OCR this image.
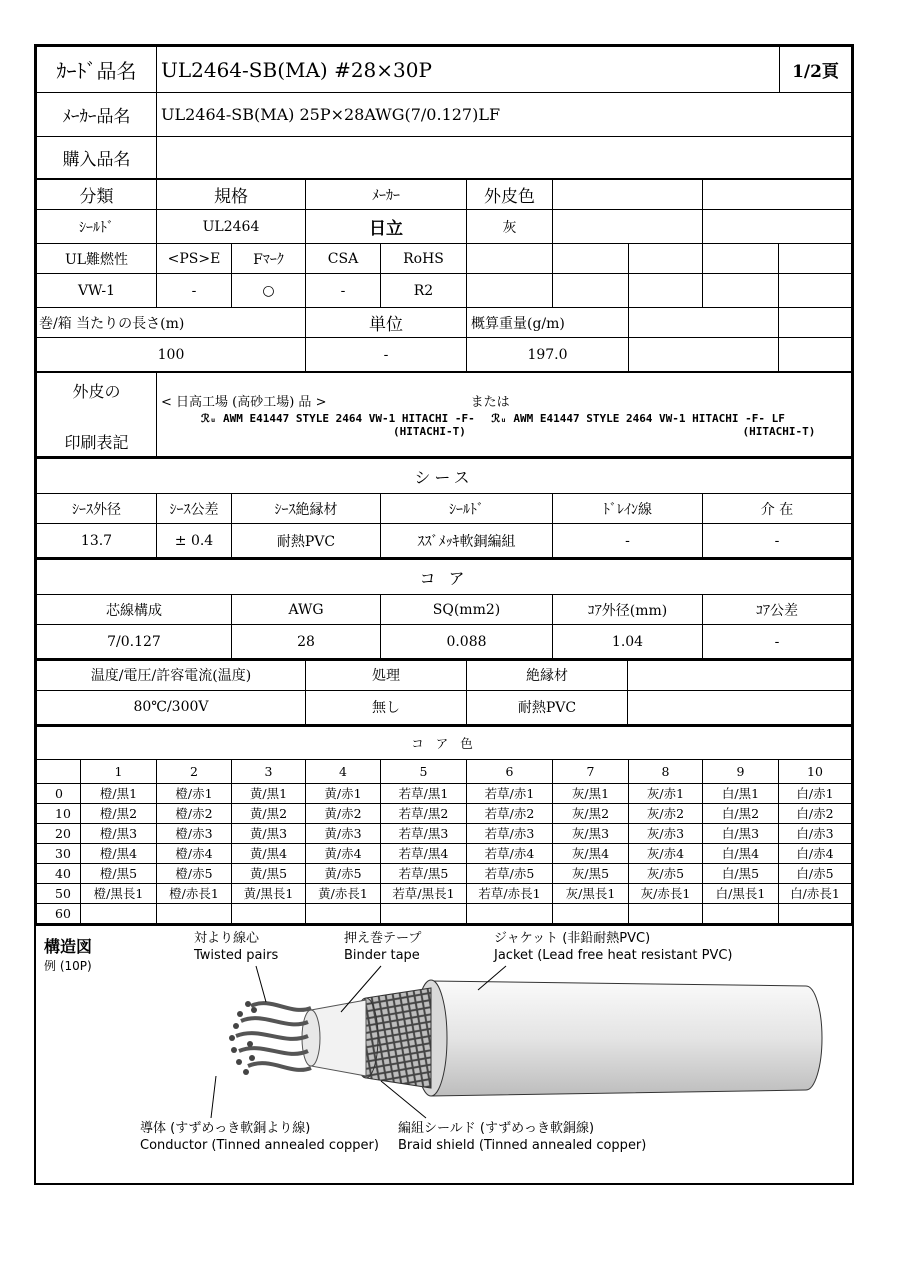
ｶｰﾄﾞ品名	UL2464-SB(MA) #28×30P	1/2頁
ﾒｰｶｰ品名	UL2464-SB(MA) 25P×28AWG(7/0.127)LF	
購入品名		
分類	規格		ﾒｰｶｰ		外皮色				
ｼｰﾙﾄﾞ	UL2464		日立		灰				
UL難燃性	<PS>E	Fﾏｰｸ	CSA	RoHS					
VW-1	-	○	-	R2					
巻/箱 当たりの長さ(m)			単位		概算重量(g/m)				
100			-		197.0				
外皮の
印刷表記

< 日高工場 (高砂工場) 品 >	または
ℛᵤ AWM E41447 STYLE 2464 VW-1 HITACHI -F- ℛᵤ AWM E41447 STYLE 2464 VW-1 HITACHI -F- LF
(HITACHI-T)	(HITACHI-T)
シース					
ｼｰｽ外径	ｼｰｽ公差	ｼｰｽ絶縁材	ｼｰﾙﾄﾞ	ﾄﾞﾚｲﾝ線	介 在
13.7	± 0.4	耐熱PVC	ｽｽﾞﾒｯｷ軟銅編組	-	-
コ ア				
芯線構成	AWG	SQ(mm2)	ｺｱ外径(mm)	ｺｱ公差
7/0.127	28	0.088	1.04	-
温度/電圧/許容電流(温度)	処理	絶縁材	
80℃/300V	無し	耐熱PVC	
コ ア 色										
	1	2	3	4	5	6	7	8	9	10
0	橙/黒1	橙/赤1	黄/黒1	黄/赤1	若草/黒1	若草/赤1	灰/黒1	灰/赤1	白/黒1	白/赤1
10	橙/黒2	橙/赤2	黄/黒2	黄/赤2	若草/黒2	若草/赤2	灰/黒2	灰/赤2	白/黒2	白/赤2
20	橙/黒3	橙/赤3	黄/黒3	黄/赤3	若草/黒3	若草/赤3	灰/黒3	灰/赤3	白/黒3	白/赤3
30	橙/黒4	橙/赤4	黄/黒4	黄/赤4	若草/黒4	若草/赤4	灰/黒4	灰/赤4	白/黒4	白/赤4
40	橙/黒5	橙/赤5	黄/黒5	黄/赤5	若草/黒5	若草/赤5	灰/黒5	灰/赤5	白/黒5	白/赤5
50	橙/黒長1	橙/赤長1	黄/黒長1	黄/赤長1	若草/黒長1	若草/赤長1	灰/黒長1	灰/赤長1	白/黒長1	白/赤長1
60										
構造図
例 (10P)
対より線心
Twisted pairs
押え巻テープ
Binder tape
ジャケット (非鉛耐熱PVC)
Jacket (Lead free heat resistant PVC)
導体 (すずめっき軟銅より線)
Conductor (Tinned annealed copper)
編組シールド (すずめっき軟銅線)
Braid shield (Tinned annealed copper)
